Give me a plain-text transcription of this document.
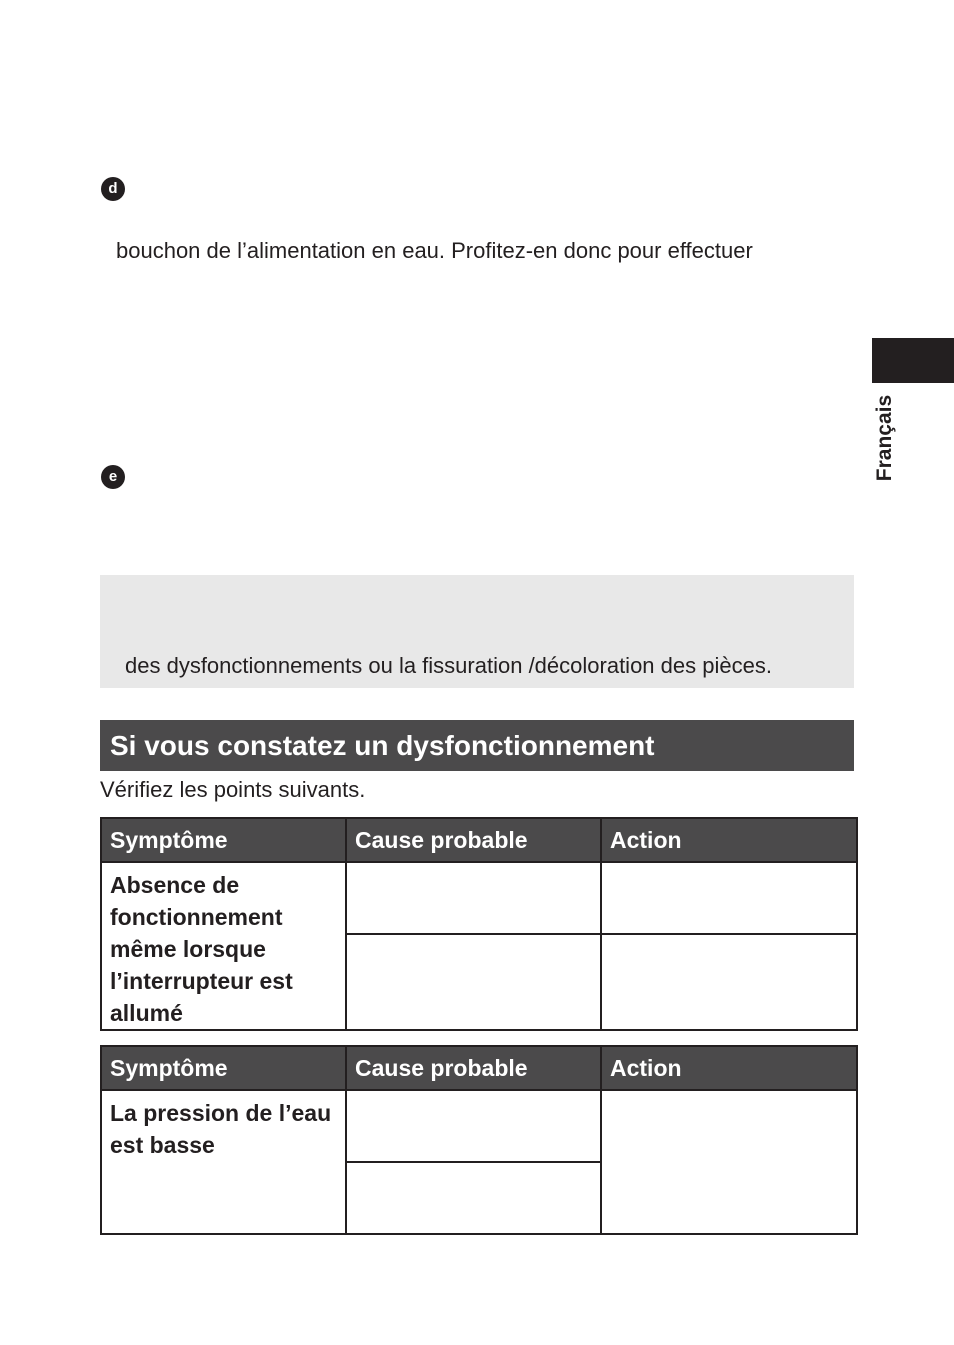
d
bouchon de l’alimentation en eau. Profitez-en donc pour effectuer
Français
e
des dysfonctionnements ou la fissuration /décoloration des pièces.
Si vous constatez un dysfonctionnement
Vérifiez les points suivants.
Symptôme	Cause probable	Action

Absence de
fonctionnement
même lorsque
l’interrupteur est
allumé		

Symptôme	Cause probable	Action

La pression de l’eau
est basse		
